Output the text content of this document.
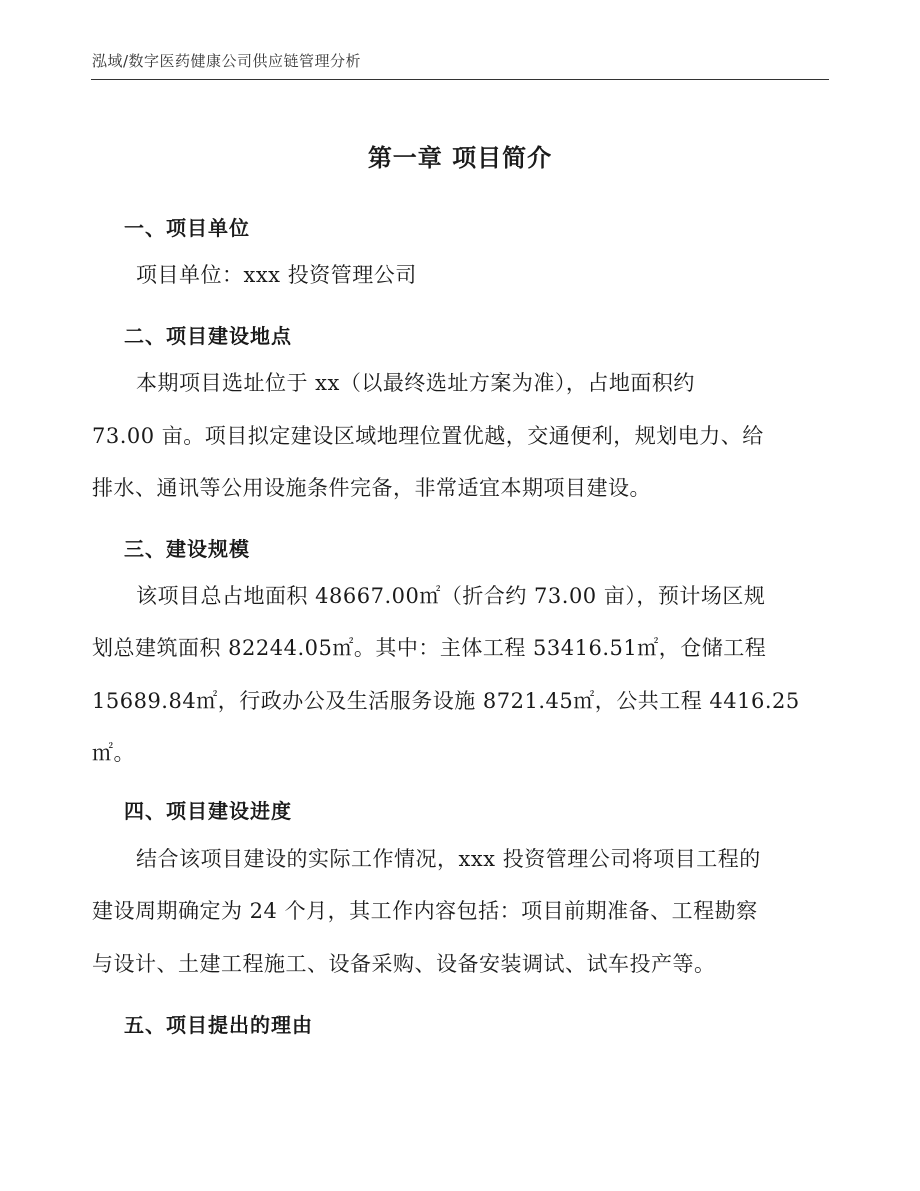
泓域/数字医药健康公司供应链管理分析
第一章 项目简介
一、项目单位
项目单位：xxx 投资管理公司
二、项目建设地点
本期项目选址位于 xx（以最终选址方案为准），占地面积约
73.00 亩。项目拟定建设区域地理位置优越，交通便利，规划电力、给
排水、通讯等公用设施条件完备，非常适宜本期项目建设。
三、建设规模
该项目总占地面积 48667.00㎡（折合约 73.00 亩），预计场区规
划总建筑面积 82244.05㎡。其中：主体工程 53416.51㎡，仓储工程
15689.84㎡，行政办公及生活服务设施 8721.45㎡，公共工程 4416.25
㎡。
四、项目建设进度
结合该项目建设的实际工作情况，xxx 投资管理公司将项目工程的
建设周期确定为 24 个月，其工作内容包括：项目前期准备、工程勘察
与设计、土建工程施工、设备采购、设备安装调试、试车投产等。
五、项目提出的理由
